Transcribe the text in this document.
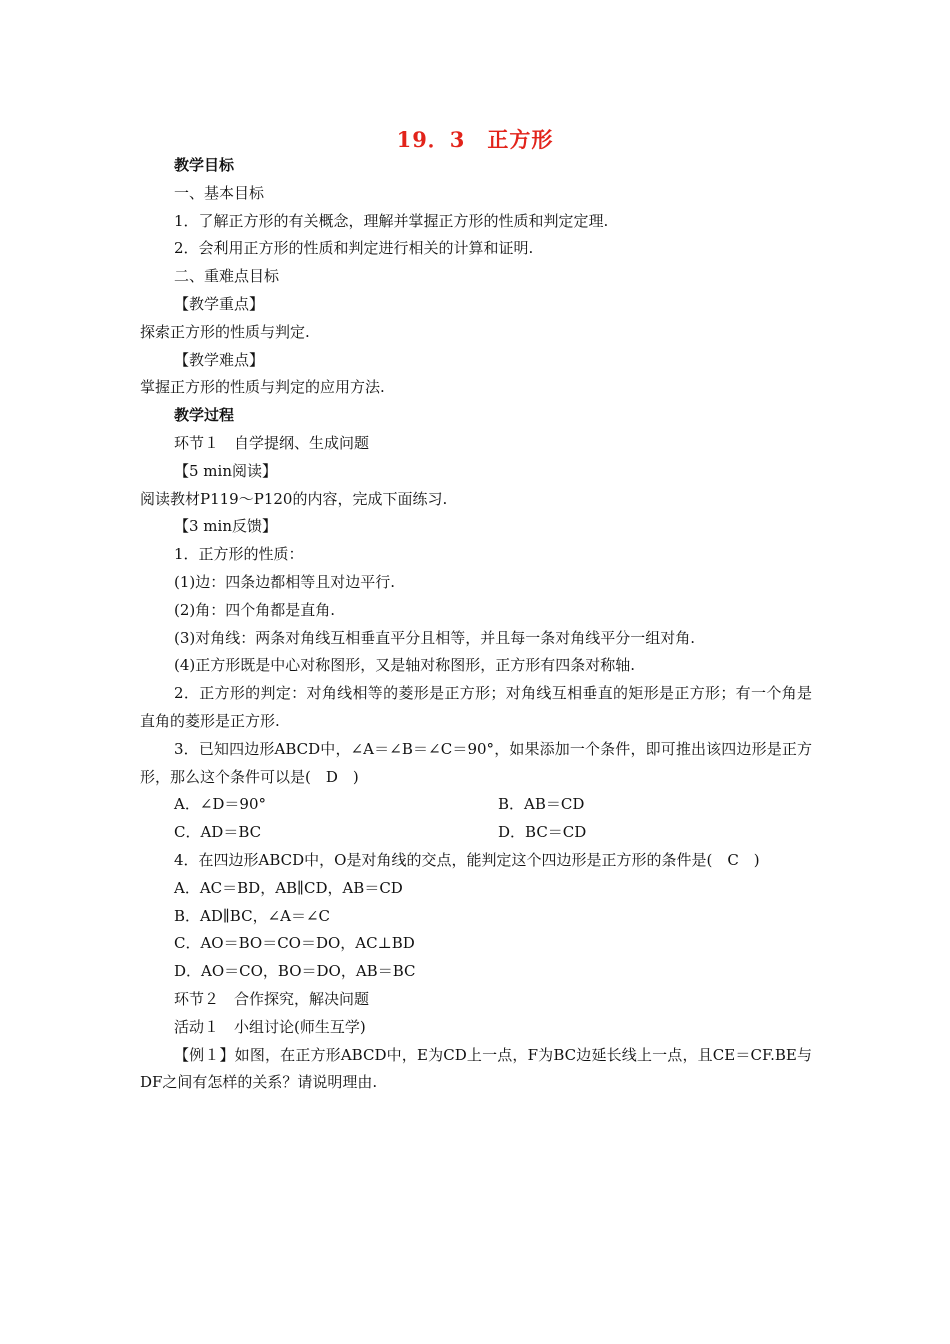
19．3　正方形
教学目标
一、基本目标
1．了解正方形的有关概念，理解并掌握正方形的性质和判定定理.
2．会利用正方形的性质和判定进行相关的计算和证明.
二、重难点目标
【教学重点】
探索正方形的性质与判定.
【教学难点】
掌握正方形的性质与判定的应用方法.
教学过程
环节１　自学提纲、生成问题
【5 min阅读】
阅读教材P119～P120的内容，完成下面练习.
【3 min反馈】
1．正方形的性质：
(1)边：四条边都相等且对边平行.
(2)角：四个角都是直角.
(3)对角线：两条对角线互相垂直平分且相等，并且每一条对角线平分一组对角.
(4)正方形既是中心对称图形，又是轴对称图形，正方形有四条对称轴.
2．正方形的判定：对角线相等的菱形是正方形；对角线互相垂直的矩形是正方形；有一个角是直角的菱形是正方形.
3．已知四边形ABCD中，∠A＝∠B＝∠C＝90°，如果添加一个条件，即可推出该四边形是正方形，那么这个条件可以是(　D　)
A．∠D＝90°	B．AB＝CD
C．AD＝BC	D．BC＝CD
4．在四边形ABCD中，O是对角线的交点，能判定这个四边形是正方形的条件是(　C　)
A．AC＝BD，AB∥CD，AB＝CD
B．AD∥BC，∠A＝∠C
C．AO＝BO＝CO＝DO，AC⊥BD
D．AO＝CO，BO＝DO，AB＝BC
环节２　合作探究，解决问题
活动１　小组讨论(师生互学)
【例１】如图，在正方形ABCD中，E为CD上一点，F为BC边延长线上一点，且CE＝CF.BE与DF之间有怎样的关系？请说明理由.
